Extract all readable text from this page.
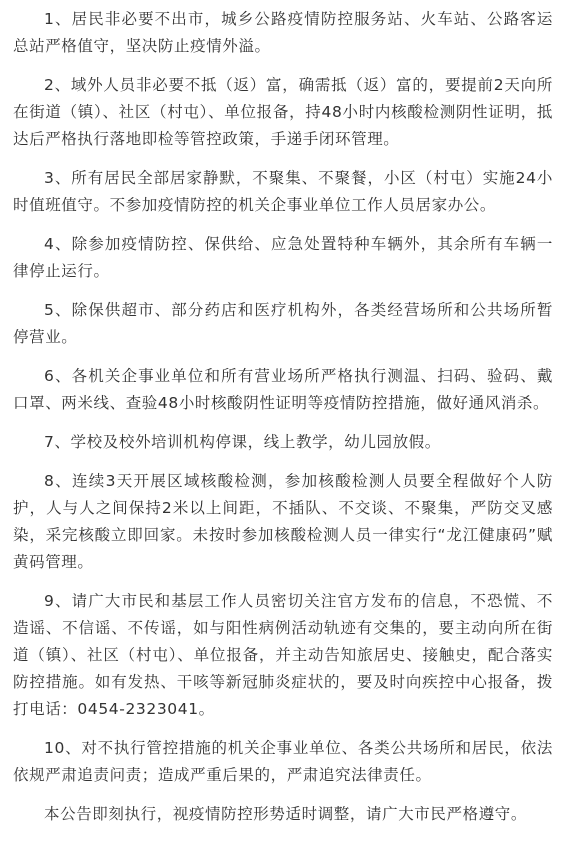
1、居民非必要不出市，城乡公路疫情防控服务站、火车站、公路客运总站严格值守，坚决防止疫情外溢。

2、域外人员非必要不抵（返）富，确需抵（返）富的，要提前2天向所在街道（镇）、社区（村屯）、单位报备，持48小时内核酸检测阴性证明，抵达后严格执行落地即检等管控政策，手递手闭环管理。

3、所有居民全部居家静默，不聚集、不聚餐，小区（村屯）实施24小时值班值守。不参加疫情防控的机关企事业单位工作人员居家办公。

4、除参加疫情防控、保供给、应急处置特种车辆外，其余所有车辆一律停止运行。

5、除保供超市、部分药店和医疗机构外，各类经营场所和公共场所暂停营业。

6、各机关企事业单位和所有营业场所严格执行测温、扫码、验码、戴口罩、两米线、查验48小时核酸阴性证明等疫情防控措施，做好通风消杀。

7、学校及校外培训机构停课，线上教学，幼儿园放假。

8、连续3天开展区域核酸检测，参加核酸检测人员要全程做好个人防护，人与人之间保持2米以上间距，不插队、不交谈、不聚集，严防交叉感染，采完核酸立即回家。未按时参加核酸检测人员一律实行“龙江健康码”赋黄码管理。

9、请广大市民和基层工作人员密切关注官方发布的信息，不恐慌、不造谣、不信谣、不传谣，如与阳性病例活动轨迹有交集的，要主动向所在街道（镇）、社区（村屯）、单位报备，并主动告知旅居史、接触史，配合落实防控措施。如有发热、干咳等新冠肺炎症状的，要及时向疾控中心报备，拨打电话：0454-2323041。

10、对不执行管控措施的机关企事业单位、各类公共场所和居民，依法依规严肃追责问责；造成严重后果的，严肃追究法律责任。

本公告即刻执行，视疫情防控形势适时调整，请广大市民严格遵守。
